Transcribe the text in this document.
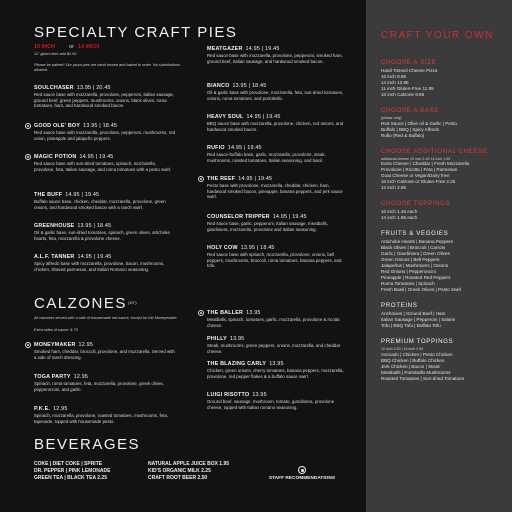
SPECIALTY CRAFT PIES
10 INCH	or 14 INCH
11" gluten-free add $2.00
Please be patient! Our pizza pies are hand tossed and baked to order. No substitutions allowed.
SOULCHASER 13.95 | 20.45
Red sauce base with mozzarella, provolone, pepperoni, Italian sausage, ground beef, green peppers, mushrooms, onions, black olives, roma tomatoes, ham, and hardwood smoked bacon.
GOOD OLE' BOY 13.95 | 18.45
Red sauce base with mozzarella, provolone, pepperoni, mushrooms, red onion, pineapple and jalapeño peppers.
MAGIC POTION 14.95 | 19.45
Red sauce base with sun-dried tomatoes, spinach, mozzarella, provolone, feta, Italian sausage, and roma tomatoes with a pesto swirl.
THE BUFF 14.95 | 19.45
Buffalo sauce base, chicken, cheddar, mozzarella, provolone, green onions, and hardwood smoked bacon with a ranch swirl.
GREENHOUSE 13.95 | 18.45
Oil & garlic base, sun-dried tomatoes, spinach, green olives, artichoke hearts, feta, mozzarella & provolone cheese.
A.L.F. TANNER 14.95 | 19.45
Spicy alfredo base with mozzarella, provolone, bacon, mushrooms, chicken, shaved parmesan, and Italian Romano seasoning.
MEATGAZER 14.95 | 19.45
Red sauce base with mozzarella, provolone, pepperoni, smoked ham, ground beef, Italian sausage, and hardwood smoked bacon.
BIANCO 13.95 | 18.45
Oil & garlic base with provolone, mozzarella, feta, sun-dried tomatoes, onions, roma tomatoes, and portobello.
HEAVY SOUL 14.95 | 19.45
BBQ sauce base with mozzarella, provolone, chicken, red onions, and hardwood smoked bacon.
RUFIO 14.95 | 19.45
Red sauce-buffalo base, garlic, mozzarella, provolone, steak, mushrooms, roasted tomatoes, Italian seasoning, and basil.
THE REEF 14.95 | 19.45
Pesto base with provolone, mozzarella, cheddar, chicken, ham, hardwood smoked bacon, pineapple, banana peppers, and jerk sauce swirl.
COUNSELOR TRIPPER 14.95 | 19.45
Red sauce base, garlic, pepperoni, Italian sausage, meatballs, giardiniera, mozzarella, provolone and Italian seasoning.
HOLY COW 13.95 | 18.45
Red sauce base with spinach, mozzarella, provolone, onions, bell peppers, mushrooms, broccoli, roma tomatoes, banana peppers, and tofu.
CALZONES (10")
All calzones served with a side of housemade red sauce, except for the Moneymaker.
Extra sides of sauce: $.75
MONEYMAKER 12.95
Smoked ham, cheddar, broccoli, provolone, and mozzarella. Served with a side of ranch dressing.
TOGA PARTY 12.95
Spinach, roma tomatoes, feta, mozzarella, provolone, greek olives, pepperoncini, and garlic.
P.K.E. 12.95
Spinach, mozzarella, provolone, roasted tomatoes, mushrooms, feta, tapenade, topped with housemade pesto.
THE BALLER 13.95
Meatballs, spinach, tomatoes, garlic, mozzarella, provolone & ricotta cheese.
PHILLY 13.95
Steak, mushrooms, green peppers, onions, mozzarella, and cheddar cheese.
THE BLAZING CARLY 13.95
Chicken, green onions, cherry tomatoes, banana peppers, mozzarella, provolone, red pepper flakes & a buffalo sauce swirl.
LUIGI RISOTTO 13.95
Ground beef, sausage, mushroom, tomato, giardiniera, provolone cheese, topped with Italian romano seasoning.
BEVERAGES
COKE | DIET COKE | SPRITE
DR. PEPPER | PINK LEMONADE
GREEN TEA | BLACK TEA 2.25
NATURAL APPLE JUICE BOX 1.95
KID'S ORGANIC MILK 2.25
CRAFT ROOT BEER 2.50	STAFF RECOMMENDATIONS
CRAFT YOUR OWN
CHOOSE A SIZE
Hand Tossed Cheese Pizza
10 inch 9.95
14 inch 13.95
11 inch Gluten-Free 11.95
10 inch Calzone 9.95
CHOOSE A BASE
(please only)
Red Sauce | Olive oil & Garlic | Pesto
Buffalo | BBQ | Spicy Alfredo
Rufio (Red & Buffalo)
CHOOSE ADDITIONAL CHEESE
additional cheese 10 inch 1.45 14 inch 1.95
Extra Cheese | Cheddar | Fresh Mozzarella
Provolone | Ricotta | Feta | Parmesan
Goat Cheese or Vegan/Dairy free:
10 inch Calzone or Gluten-Free 2.25
14 inch 2.95
CHOOSE TOPPINGS
10 inch 1.45 each
14 inch 1.95 each
FRUITS & VEGGIES
Artichoke Hearts | Banana Peppers
Black Olives | Broccoli | Carrots
Garlic | Giardiniera | Green Olives
Green Onions | Bell Peppers
Jalapeños | Mushrooms | Onions
Red Onions | Pepperoncini
Pineapple | Roasted Red Peppers
Roma Tomatoes | Spinach
Fresh Basil | Greek Olives | Pesto Swirl
PROTEINS
Anchovies | Ground Beef | Ham
Italian Sausage | Pepperoni | Salami
Tofu | BBQ Tofu | Buffalo Tofu
PREMIUM TOPPINGS
10 inch 2.50 | 14 inch 2.95
Avocado | Chicken | Pesto Chicken
BBQ Chicken | Buffalo Chicken
Jerk Chicken | Bacon | Steak
Meatballs | Portobello Mushrooms
Roasted Tomatoes | Sun-dried Tomatoes
